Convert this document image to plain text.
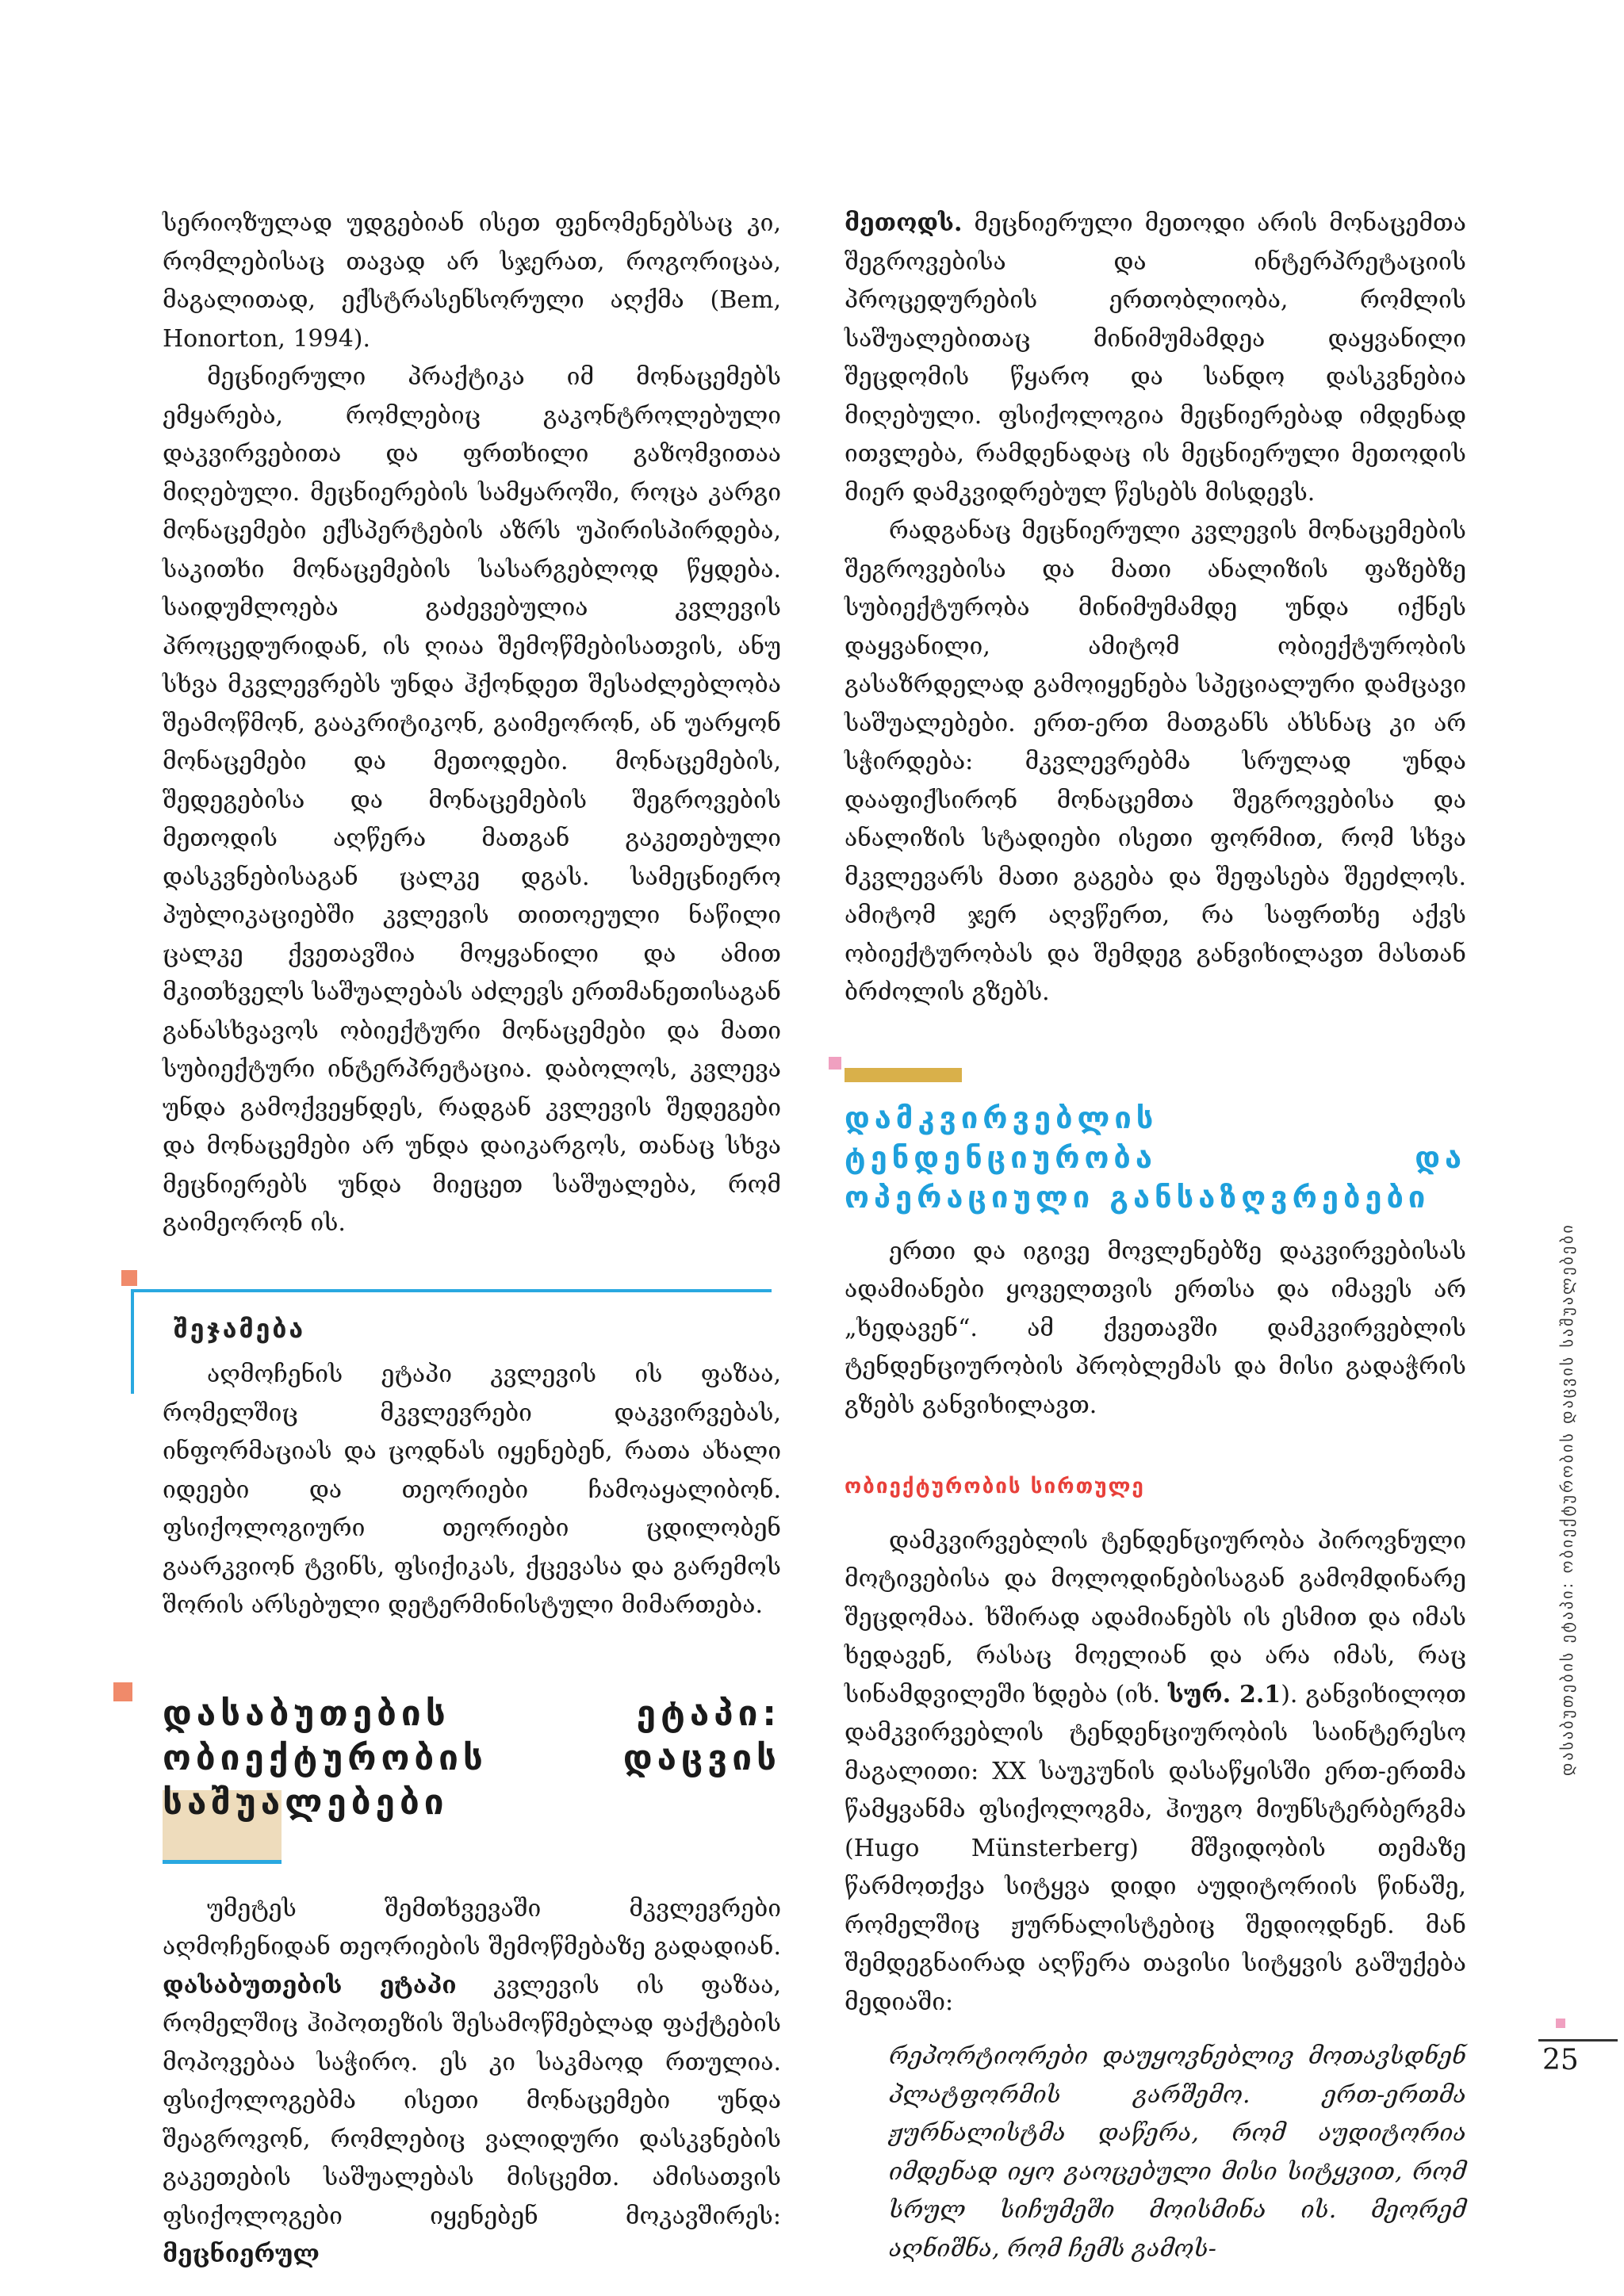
სერიოზულად უდგებიან ისეთ ფენომენებსაც კი, რომლებისაც თავად არ სჯერათ, როგორიცაა, მაგალითად, ექსტრასენსორული აღქმა (Bem, Honorton, 1994).

მეცნიერული პრაქტიკა იმ მონაცემებს ემყარება, რომლებიც გაკონტროლებული დაკვირვებითა და ფრთხილი გაზომვითაა მიღებული. მეცნიერების სამყაროში, როცა კარგი მონაცემები ექსპერტების აზრს უპირისპირდება, საკითხი მონაცემების სასარგებლოდ წყდება. საიდუმლოება გაძევებულია კვლევის პროცედურიდან, ის ღიაა შემოწმებისათვის, ანუ სხვა მკვლევრებს უნდა ჰქონდეთ შესაძლებლობა შეამოწმონ, გააკრიტიკონ, გაიმეორონ, ან უარყონ მონაცემები და მეთოდები. მონაცემების, შედეგებისა და მონაცემების შეგროვების მეთოდის აღწერა მათგან გაკეთებული დასკვნებისაგან ცალკე დგას. სამეცნიერო პუბლიკაციებში კვლევის თითოეული ნაწილი ცალკე ქვეთავშია მოყვანილი და ამით მკითხველს საშუალებას აძლევს ერთმანეთისაგან განასხვავოს ობიექტური მონაცემები და მათი სუბიექტური ინტერპრეტაცია. დაბოლოს, კვლევა უნდა გამოქვეყნდეს, რადგან კვლევის შედეგები და მონაცემები არ უნდა დაიკარგოს, თანაც სხვა მეცნიერებს უნდა მიეცეთ საშუალება, რომ გაიმეორონ ის.

შეჯამება

აღმოჩენის ეტაპი კვლევის ის ფაზაა, რომელშიც მკვლევრები დაკვირვებას, ინფორმაციას და ცოდნას იყენებენ, რათა ახალი იდეები და თეორიები ჩამოაყალიბონ. ფსიქოლოგიური თეორიები ცდილობენ გაარკვიონ ტვინს, ფსიქიკას, ქცევასა და გარემოს შორის არსებული დეტერმინისტული მიმართება.

დასაბუთების ეტაპი: ობიექტურობის დაცვის საშუალებები

უმეტეს შემთხვევაში მკვლევრები აღმოჩენიდან თეორიების შემოწმებაზე გადადიან. დასაბუთების ეტაპი კვლევის ის ფაზაა, რომელშიც ჰიპოთეზის შესამოწმებლად ფაქტების მოპოვებაა საჭირო. ეს კი საკმაოდ რთულია. ფსიქოლოგებმა ისეთი მონაცემები უნდა შეაგროვონ, რომლებიც ვალიდური დასკვნების გაკეთების საშუალებას მისცემთ. ამისათვის ფსიქოლოგები იყენებენ მოკავშირეს: მეცნიერულ

მეთოდს. მეცნიერული მეთოდი არის მონაცემთა შეგროვებისა და ინტერპრეტაციის პროცედურების ერთობლიობა, რომლის საშუალებითაც მინიმუმამდეა დაყვანილი შეცდომის წყარო და სანდო დასკვნებია მიღებული. ფსიქოლოგია მეცნიერებად იმდენად ითვლება, რამდენადაც ის მეცნიერული მეთოდის მიერ დამკვიდრებულ წესებს მისდევს.

რადგანაც მეცნიერული კვლევის მონაცემების შეგროვებისა და მათი ანალიზის ფაზებზე სუბიექტურობა მინიმუმამდე უნდა იქნეს დაყვანილი, ამიტომ ობიექტურობის გასაზრდელად გამოიყენება სპეციალური დამცავი საშუალებები. ერთ-ერთ მათგანს ახსნაც კი არ სჭირდება: მკვლევრებმა სრულად უნდა დააფიქსირონ მონაცემთა შეგროვებისა და ანალიზის სტადიები ისეთი ფორმით, რომ სხვა მკვლევარს მათი გაგება და შეფასება შეეძლოს. ამიტომ ჯერ აღვწერთ, რა საფრთხე აქვს ობიექტურობას და შემდეგ განვიხილავთ მასთან ბრძოლის გზებს.

დამკვირვებლის ტენდენციურობა და ოპერაციული განსაზღვრებები

ერთი და იგივე მოვლენებზე დაკვირვებისას ადამიანები ყოველთვის ერთსა და იმავეს არ „ხედავენ“. ამ ქვეთავში დამკვირვებლის ტენდენციურობის პრობლემას და მისი გადაჭრის გზებს განვიხილავთ.

ობიექტურობის სირთულე

დამკვირვებლის ტენდენციურობა პიროვნული მოტივებისა და მოლოდინებისაგან გამომდინარე შეცდომაა. ხშირად ადამიანებს ის ესმით და იმას ხედავენ, რასაც მოელიან და არა იმას, რაც სინამდვილეში ხდება (იხ. სურ. 2.1). განვიხილოთ დამკვირვებლის ტენდენციურობის საინტერესო მაგალითი: XX საუკუნის დასაწყისში ერთ-ერთმა წამყვანმა ფსიქოლოგმა, ჰიუგო მიუნსტერბერგმა (Hugo Münsterberg) მშვიდობის თემაზე წარმოთქვა სიტყვა დიდი აუდიტორიის წინაშე, რომელშიც ჟურნალისტებიც შედიოდნენ. მან შემდეგნაირად აღწერა თავისი სიტყვის გაშუქება მედიაში:

რეპორტიორები დაუყოვნებლივ მოთავსდნენ პლატფორმის გარშემო. ერთ-ერთმა ჟურნალისტმა დაწერა, რომ აუდიტორია იმდენად იყო გაოცებული მისი სიტყვით, რომ სრულ სიჩუმეში მოისმინა ის. მეორემ აღნიშნა, რომ ჩემს გამოს-

დასაბუთების ეტაპი: ობიექტურობის დაცვის საშუალებები
25
